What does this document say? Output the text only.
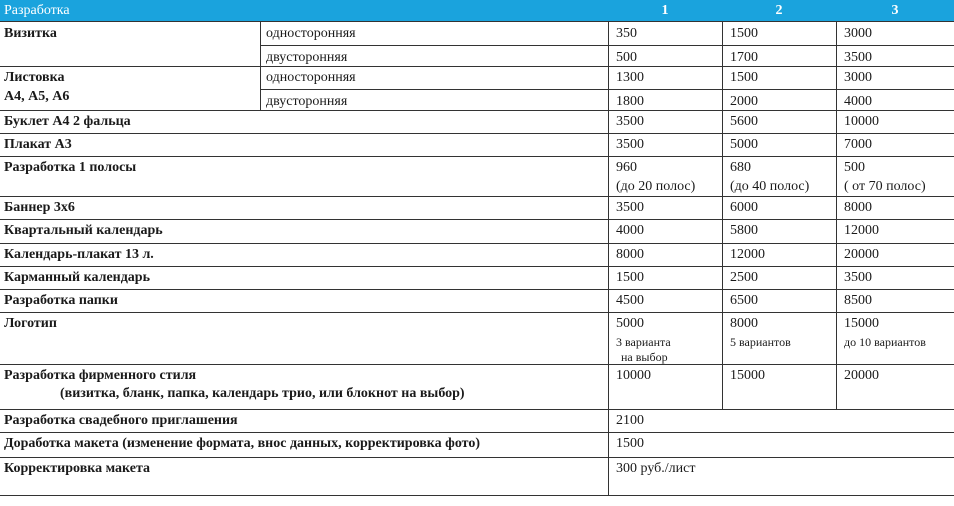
Разработка	1	2	3
Визитка	односторонняя	350	1500	3000
двусторонняя	500	1700	3500
Листовка
А4, А5, А6
односторонняя	1300	1500	3000
двусторонняя	1800	2000	4000
Буклет А4 2 фальца	3500	5600	10000
Плакат А3	3500	5000	7000
Разработка 1 полосы	960	680	500
(до 20 полос)	(до 40 полос)	( от 70 полос)
Баннер 3х6	3500	6000	8000
Квартальный календарь	4000	5800	12000
Календарь-плакат 13 л.	8000	12000	20000
Карманный календарь	1500	2500	3500
Разработка папки	4500	6500	8500
Логотип	5000	8000	15000
3 варианта	5 вариантов	до 10 вариантов
на выбор
Разработка фирменного стиля
(визитка, бланк, папка, календарь трио, или блокнот на выбор)
10000	15000	20000
Разработка свадебного приглашения	2100
Доработка макета (изменение формата, внос данных, корректировка фото)	1500
Корректировка макета	300 руб./лист
